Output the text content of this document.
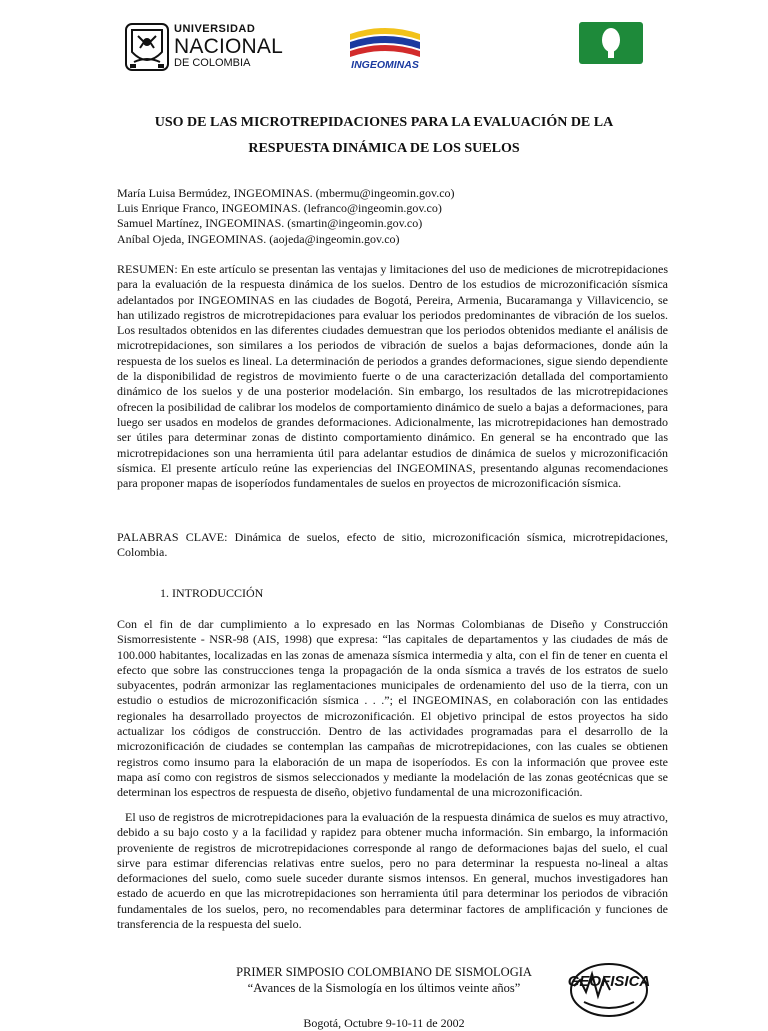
UNIVERSIDAD
NACIONAL
DE COLOMBIA	INGEOMINAS
USO DE LAS MICROTREPIDACIONES PARA LA EVALUACIÓN DE LA
RESPUESTA DINÁMICA DE LOS SUELOS
María Luisa Bermúdez, INGEOMINAS. (mbermu@ingeomin.gov.co)
Luis Enrique Franco, INGEOMINAS. (lefranco@ingeomin.gov.co)
Samuel Martínez, INGEOMINAS. (smartin@ingeomin.gov.co)
Aníbal Ojeda, INGEOMINAS. (aojeda@ingeomin.gov.co)

RESUMEN: En este artículo se presentan las ventajas y limitaciones del uso de mediciones de microtrepidaciones para la evaluación de la respuesta dinámica de los suelos. Dentro de los estudios de microzonificación sísmica adelantados por INGEOMINAS en las ciudades de Bogotá, Pereira, Armenia, Bucaramanga y Villavicencio, se han utilizado registros de microtrepidaciones para evaluar los periodos predominantes de vibración de los suelos. Los resultados obtenidos en las diferentes ciudades demuestran que los periodos obtenidos mediante el análisis de microtrepidaciones, son similares a los periodos de vibración de suelos a bajas deformaciones, donde aún la respuesta de los suelos es lineal. La determinación de periodos a grandes deformaciones, sigue siendo dependiente de la disponibilidad de registros de movimiento fuerte o de una caracterización detallada del comportamiento dinámico de los suelos y de una posterior modelación. Sin embargo, los resultados de las microtrepidaciones ofrecen la posibilidad de calibrar los modelos de comportamiento dinámico de suelo a bajas a deformaciones, para luego ser usados en modelos de grandes deformaciones. Adicionalmente, las microtrepidaciones han demostrado ser útiles para determinar zonas de distinto comportamiento dinámico. En general se ha encontrado que las microtrepidaciones son una herramienta útil para adelantar estudios de dinámica de suelos y microzonificación sísmica. El presente artículo reúne las experiencias del INGEOMINAS, presentando algunas recomendaciones para proponer mapas de isoperíodos fundamentales de suelos en proyectos de microzonificación sísmica.

PALABRAS CLAVE: Dinámica de suelos, efecto de sitio, microzonificación sísmica, microtrepidaciones, Colombia.

1. INTRODUCCIÓN

Con el fin de dar cumplimiento a lo expresado en las Normas Colombianas de Diseño y Construcción Sismorresistente - NSR-98 (AIS, 1998) que expresa: “las capitales de departamentos y las ciudades de más de 100.000 habitantes, localizadas en las zonas de amenaza sísmica intermedia y alta, con el fin de tener en cuenta el efecto que sobre las construcciones tenga la propagación de la onda sísmica a través de los estratos de suelo subyacentes, podrán armonizar las reglamentaciones municipales de ordenamiento del uso de la tierra, con un estudio o estudios de microzonificación sísmica . . .”; el INGEOMINAS, en colaboración con las entidades regionales ha desarrollado proyectos de microzonificación. El objetivo principal de estos proyectos ha sido actualizar los códigos de construcción. Dentro de las actividades programadas para el desarrollo de la microzonificación de ciudades se contemplan las campañas de microtrepidaciones, con las cuales se obtienen registros como insumo para la elaboración de un mapa de isoperíodos. Es con la información que provee este mapa así como con registros de sismos seleccionados y mediante la modelación de las zonas geotécnicas que se determinan los espectros de respuesta de diseño, objetivo fundamental de una microzonificación.

El uso de registros de microtrepidaciones para la evaluación de la respuesta dinámica de suelos es muy atractivo, debido a su bajo costo y a la facilidad y rapidez para obtener mucha información. Sin embargo, la información proveniente de registros de microtrepidaciones corresponde al rango de deformaciones bajas del suelo, el cual sirve para estimar diferencias relativas entre suelos, pero no para determinar la respuesta no-lineal a altas deformaciones del suelo, como suele suceder durante sismos intensos. En general, muchos investigadores han estado de acuerdo en que las microtrepidaciones son herramienta útil para determinar los periodos de vibración fundamentales de los suelos, pero, no recomendables para determinar factores de amplificación y funciones de transferencia de la respuesta del suelo.

PRIMER SIMPOSIO COLOMBIANO DE SISMOLOGIA
“Avances de la Sismología en los últimos veinte años”
Bogotá, Octubre 9-10-11 de 2002
GEOFISICA
